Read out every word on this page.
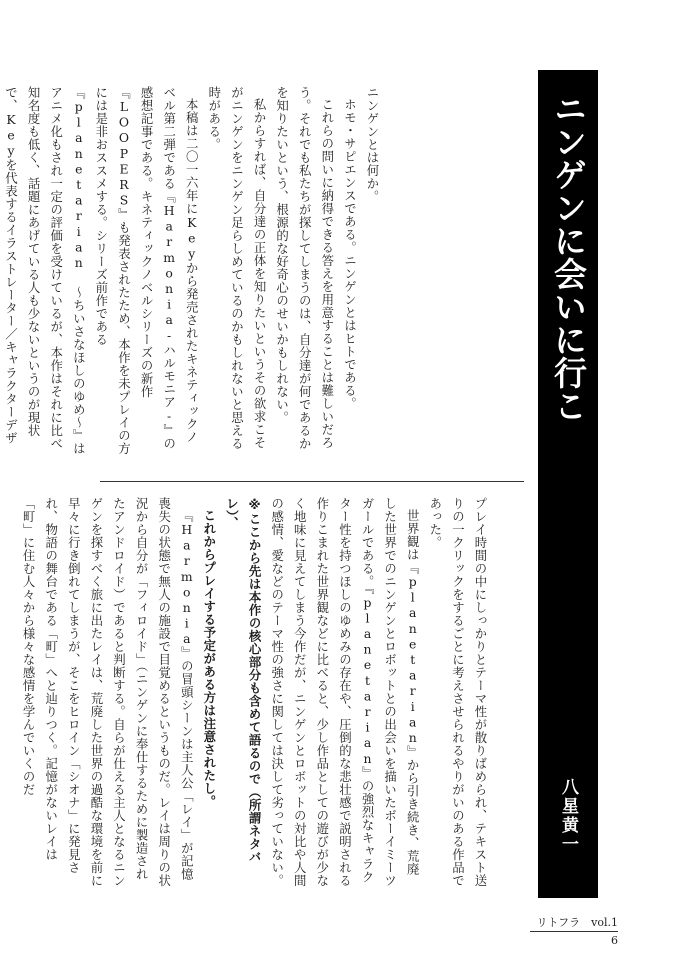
ニンゲンに会いに行こう。
八星黄一

ニンゲンとは何か。

ホモ・サピエンスである。ニンゲンとはヒトである。

これらの問いに納得できる答えを用意することは難しいだろう。それでも私たちが探してしまうのは、自分達が何であるかを知りたいという、根源的な好奇心のせいかもしれない。

私からすれば、自分達の正体を知りたいというその欲求こそがニンゲンをニンゲン足らしめているのかもしれないと思える時がある。

本稿は二〇一六年にKeyから発売されたキネティックノベル第二弾である『Harmonia-ハルモニア-』の感想記事である。キネティックノベルシリーズの新作『LOOPERS』も発表されたため、本作を未プレイの方には是非おススメする。シリーズ前作である『planetarian ～ちいさなほしのゆめ～』はアニメ化もされ一定の評価を受けているが、本作はそれに比べ知名度も低く、話題にあげている人も少ないというのが現状で、Keyを代表するイラストレーター／キャラクターデザ

プレイ時間の中にしっかりとテーマ性が散りばめられ、テキスト送りの一クリックをするごとに考えさせられるやりがいのある作品であった。

世界観は『planetarian』から引き続き、荒廃した世界でのニンゲンとロボットとの出会いを描いたボーイミーツガールである。『planetarian』の強烈なキャラクター性を持つほしのゆめみの存在や、圧倒的な悲壮感で説明される作りこまれた世界観などに比べると、少し作品としての遊びが少なく地味に見えてしまう今作だが、ニンゲンとロボットの対比や人間の感情、愛などのテーマ性の強さに関しては決して劣っていない。

※ここから先は本作の核心部分も含めて語るので（所謂ネタバレ）、

これからプレイする予定がある方は注意されたし。

『Harmonia』の冒頭シーンは主人公「レイ」が記憶喪失の状態で無人の施設で目覚めるというものだ。レイは周りの状況から自分が「フィロイド」（ニンゲンに奉仕するために製造されたアンドロイド）であると判断する。自らが仕える主人となるニンゲンを探すべく旅に出たレイは、荒廃した世界の過酷な環境を前に早々に行き倒れてしまうが、そこをヒロイン「シオナ」に発見され、物語の舞台である「町」へと辿りつく。記憶がないレイは「町」に住む人々から様々な感情を学んでいくのだ

リトフラ　vol.1
6
